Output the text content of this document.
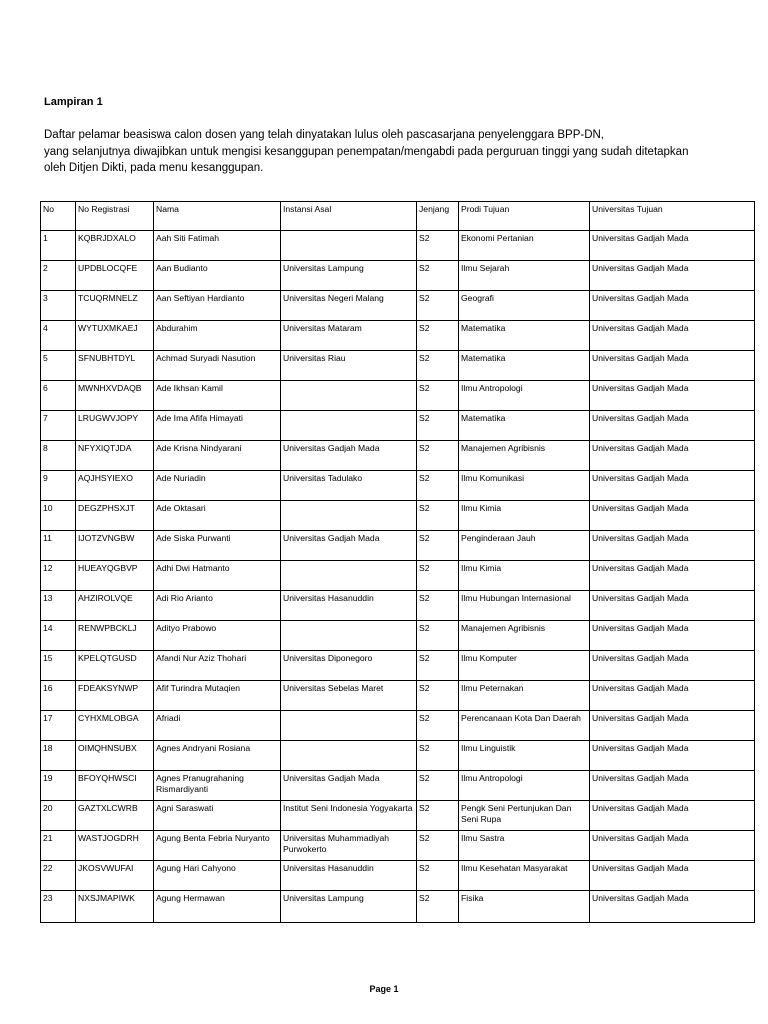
Lampiran 1
Daftar pelamar beasiswa calon dosen yang telah dinyatakan lulus oleh pascasarjana penyelenggara BPP-DN,
yang selanjutnya diwajibkan untuk mengisi kesanggupan penempatan/mengabdi pada perguruan tinggi yang sudah ditetapkan
oleh Ditjen Dikti, pada menu kesanggupan.
No	No Registrasi	Nama	Instansi Asal	Jenjang	Prodi Tujuan	Universitas Tujuan
1	KQBRJDXALO	Aah Siti Fatimah		S2	Ekonomi Pertanian	Universitas Gadjah Mada
2	UPDBLOCQFE	Aan Budianto	Universitas Lampung	S2	Ilmu Sejarah	Universitas Gadjah Mada
3	TCUQRMNELZ	Aan Seftiyan Hardianto	Universitas Negeri Malang	S2	Geografi	Universitas Gadjah Mada
4	WYTUXMKAEJ	Abdurahim	Universitas Mataram	S2	Matematika	Universitas Gadjah Mada
5	SFNUBHTDYL	Achmad Suryadi Nasution	Universitas Riau	S2	Matematika	Universitas Gadjah Mada
6	MWNHXVDAQB	Ade Ikhsan Kamil		S2	Ilmu Antropologi	Universitas Gadjah Mada
7	LRUGWVJOPY	Ade Ima Afifa Himayati		S2	Matematika	Universitas Gadjah Mada
8	NFYXIQTJDA	Ade Krisna Nindyarani	Universitas Gadjah Mada	S2	Manajemen Agribisnis	Universitas Gadjah Mada
9	AQJHSYIEXO	Ade Nuriadin	Universitas Tadulako	S2	Ilmu Komunikasi	Universitas Gadjah Mada
10	DEGZPHSXJT	Ade Oktasari		S2	Ilmu Kimia	Universitas Gadjah Mada
11	IJOTZVNGBW	Ade Siska Purwanti	Universitas Gadjah Mada	S2	Penginderaan Jauh	Universitas Gadjah Mada
12	HUEAYQGBVP	Adhi Dwi Hatmanto		S2	Ilmu Kimia	Universitas Gadjah Mada
13	AHZIROLVQE	Adi Rio Arianto	Universitas Hasanuddin	S2	Ilmu Hubungan Internasional	Universitas Gadjah Mada
14	RENWPBCKLJ	Adityo Prabowo		S2	Manajemen Agribisnis	Universitas Gadjah Mada
15	KPELQTGUSD	Afandi Nur Aziz Thohari	Universitas Diponegoro	S2	Ilmu Komputer	Universitas Gadjah Mada
16	FDEAKSYNWP	Afif Turindra Mutaqien	Universitas Sebelas Maret	S2	Ilmu Peternakan	Universitas Gadjah Mada
17	CYHXMLOBGA	Afriadi		S2	Perencanaan Kota Dan Daerah	Universitas Gadjah Mada
18	OIMQHNSUBX	Agnes Andryani Rosiana		S2	Ilmu Linguistik	Universitas Gadjah Mada
19	BFOYQHWSCI	Agnes Pranugrahaning Rismardiyanti	Universitas Gadjah Mada	S2	Ilmu Antropologi	Universitas Gadjah Mada
20	GAZTXLCWRB	Agni Saraswati	Institut Seni Indonesia Yogyakarta	S2	Pengk Seni Pertunjukan Dan Seni Rupa	Universitas Gadjah Mada
21	WASTJOGDRH	Agung Benta Febria Nuryanto	Universitas Muhammadiyah Purwokerto	S2	Ilmu Sastra	Universitas Gadjah Mada
22	JKOSVWUFAI	Agung Hari Cahyono	Universitas Hasanuddin	S2	Ilmu Kesehatan Masyarakat	Universitas Gadjah Mada
23	NXSJMAPIWK	Agung Hermawan	Universitas Lampung	S2	Fisika	Universitas Gadjah Mada
Page 1
